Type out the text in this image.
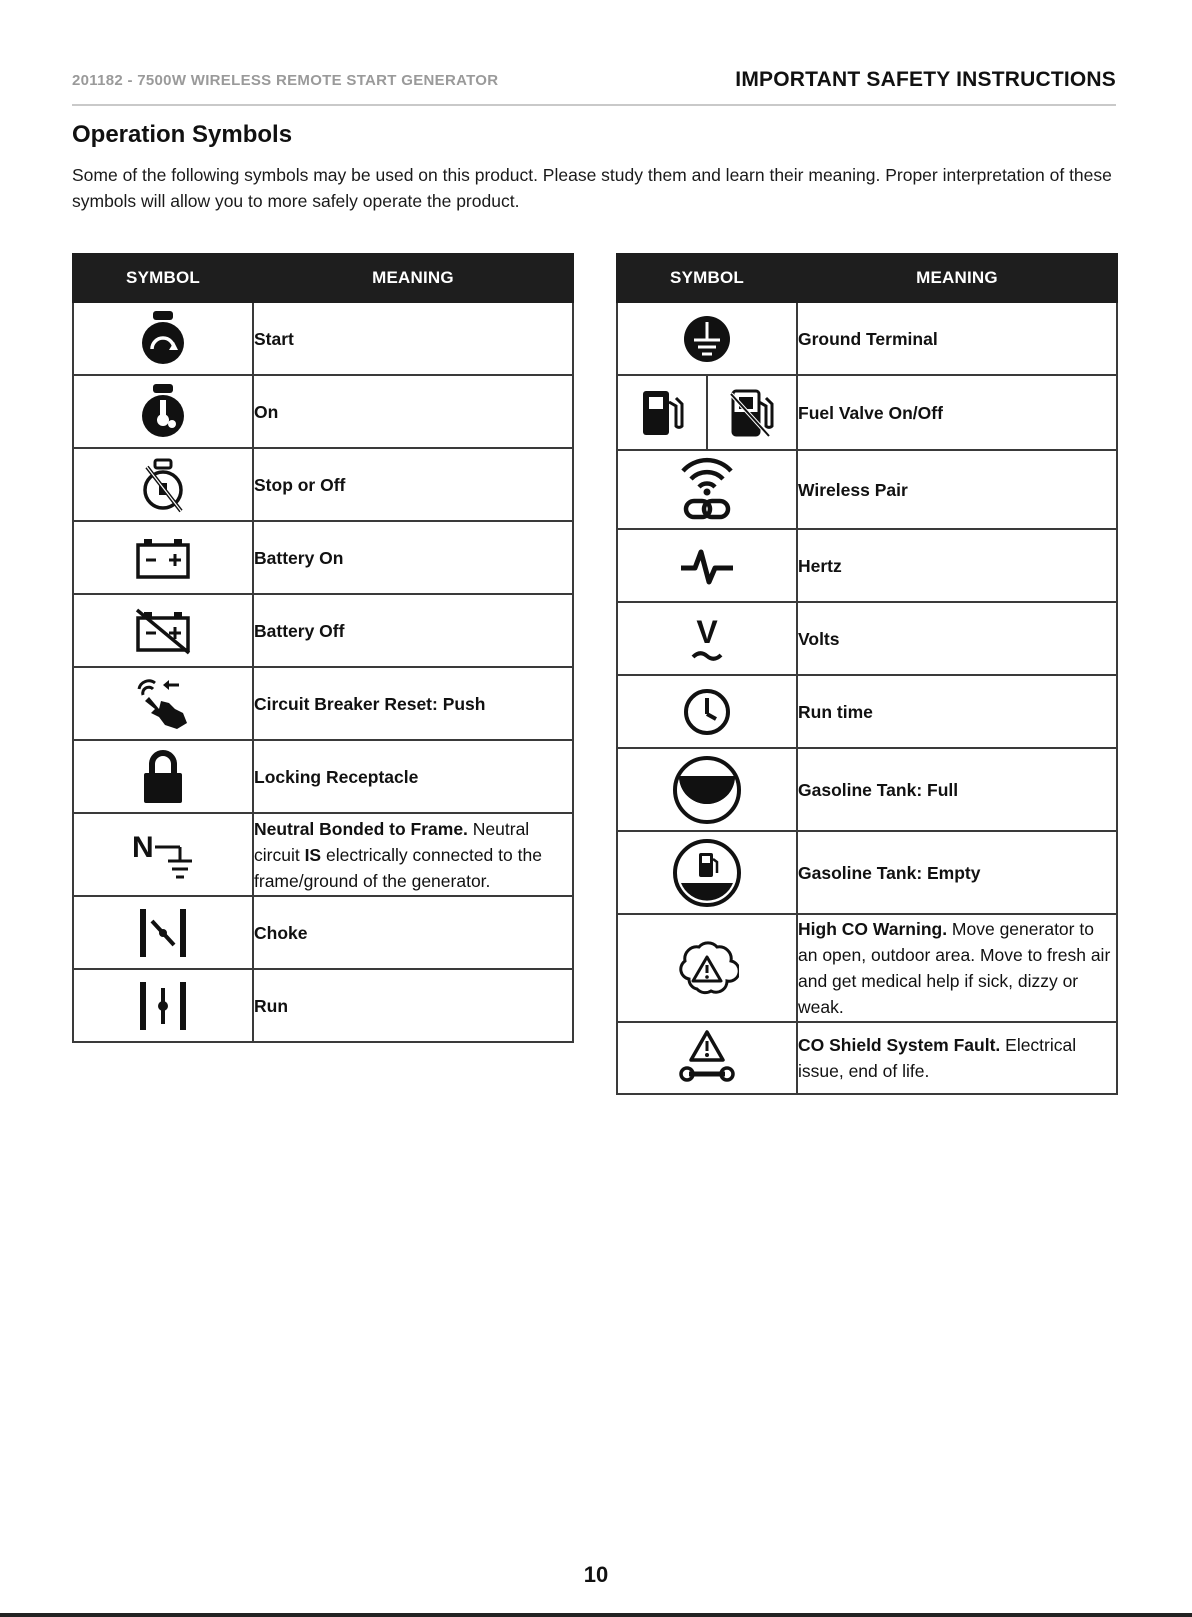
201182 - 7500W WIRELESS REMOTE START GENERATOR	IMPORTANT SAFETY INSTRUCTIONS
Operation Symbols
Some of the following symbols may be used on this product. Please study them and learn their meaning. Proper interpretation of these symbols will allow you to more safely operate the product.
SYMBOL	MEANING
	Start
	On
	Stop or Off
	Battery On
	Battery Off
	Circuit Breaker Reset: Push
	Locking Receptacle

N	Neutral Bonded to Frame. Neutral circuit IS electrically connected to the frame/ground of the generator.
	Choke
	Run
SYMBOL	MEANING
	Ground Terminal

	Fuel Valve On/Off
	Wireless Pair
	Hertz

V	Volts
	Run time
	Gasoline Tank: Full
	Gasoline Tank: Empty
	High CO Warning. Move generator to an open, outdoor area. Move to fresh air and get medical help if sick, dizzy or weak.
	CO Shield System Fault. Electrical issue, end of life.
10
